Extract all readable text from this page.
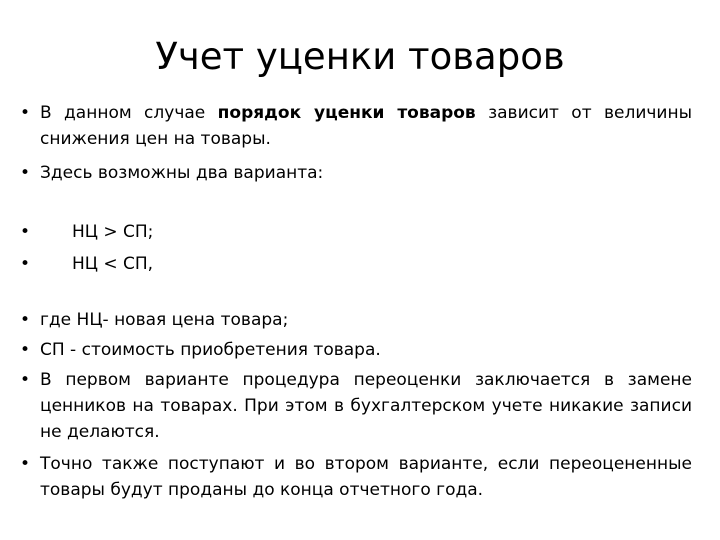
Учет уценки товаров

• В данном случае порядок уценки товаров зависит от величины снижения цен на товары.

• Здесь возможны два варианта:

• НЦ > СП;

• НЦ < СП,

• где НЦ- новая цена товара;

• СП - стоимость приобретения товара.

• В первом варианте процедура переоценки заключается в замене ценников на товарах. При этом в бухгалтерском учете никакие записи не делаются.

• Точно также поступают и во втором варианте, если переоцененные товары будут проданы до конца отчетного года.
